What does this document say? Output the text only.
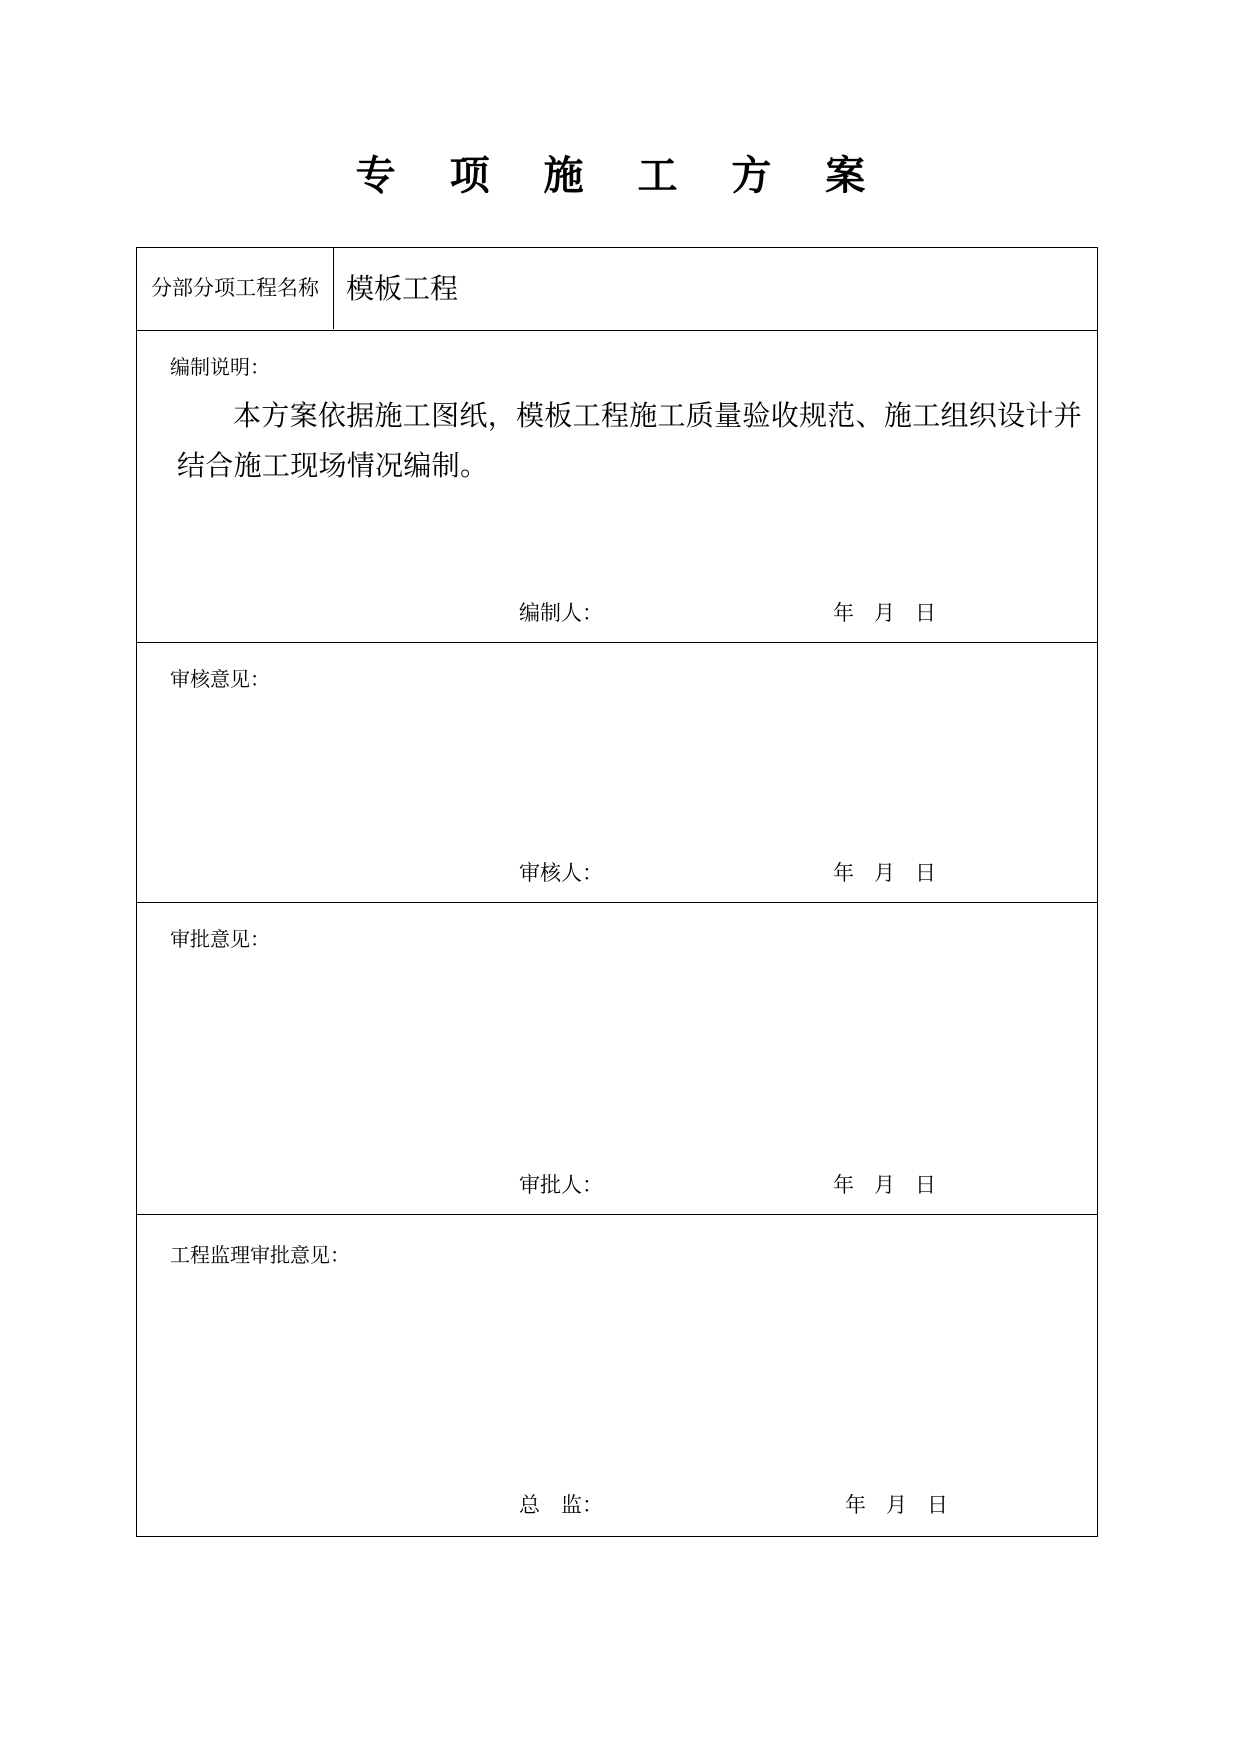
专 项 施 工 方 案
分部分项工程名称 模板工程
编制说明：
本方案依据施工图纸，模板工程施工质量验收规范、施工组织设计并结合施工现场情况编制。
编制人：	年 月 日
审核意见：
审核人：	年 月 日
审批意见：
审批人：	年 月 日
工程监理审批意见：
总　监：	年 月 日
